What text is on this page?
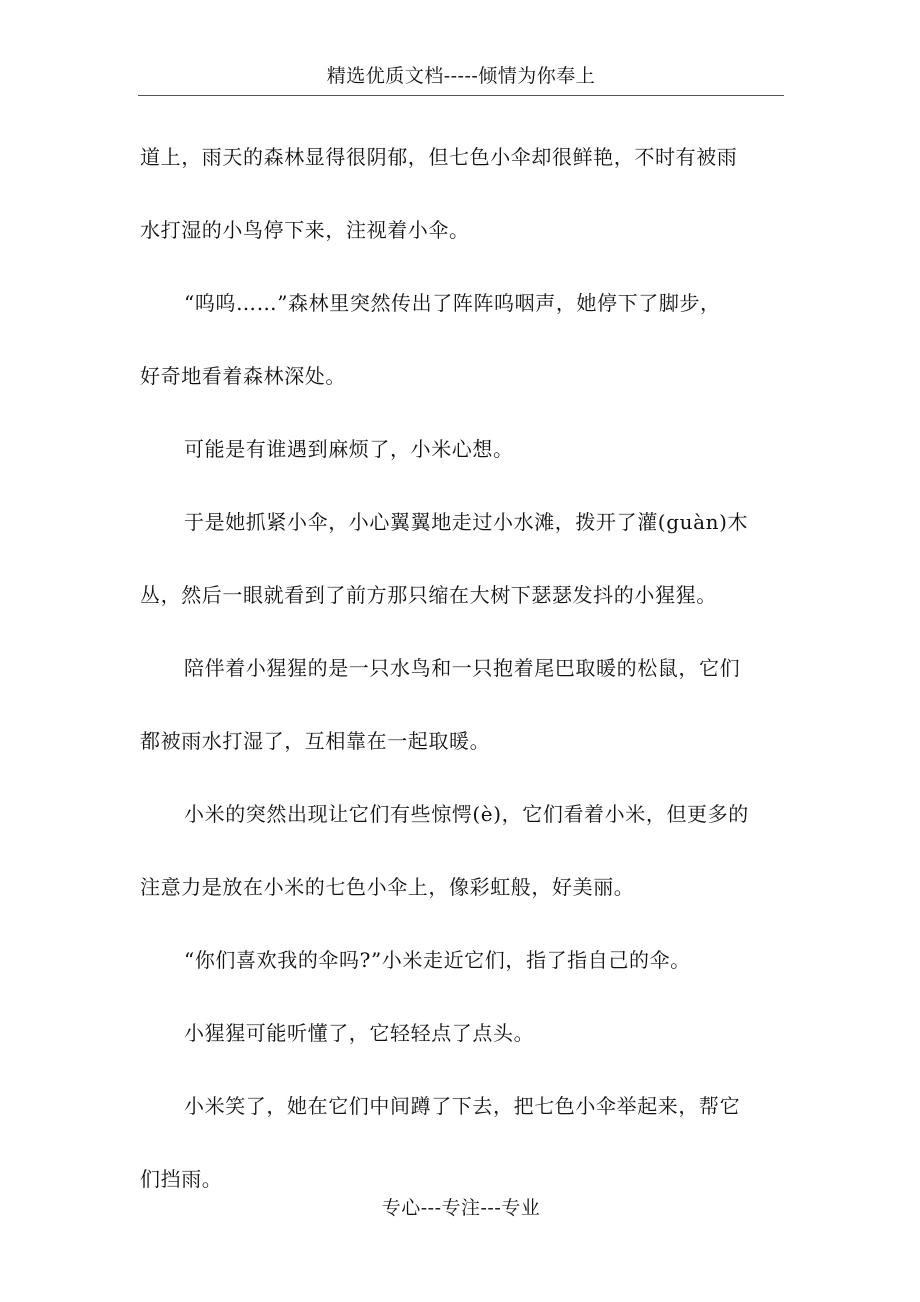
精选优质文档-----倾情为你奉上

道上，雨天的森林显得很阴郁，但七色小伞却很鲜艳，不时有被雨

水打湿的小鸟停下来，注视着小伞。

“呜呜……”森林里突然传出了阵阵呜咽声，她停下了脚步，

好奇地看着森林深处。

可能是有谁遇到麻烦了，小米心想。

于是她抓紧小伞，小心翼翼地走过小水滩，拨开了灌(guàn)木

丛，然后一眼就看到了前方那只缩在大树下瑟瑟发抖的小猩猩。

陪伴着小猩猩的是一只水鸟和一只抱着尾巴取暖的松鼠，它们

都被雨水打湿了，互相靠在一起取暖。

小米的突然出现让它们有些惊愕(è)，它们看着小米，但更多的

注意力是放在小米的七色小伞上，像彩虹般，好美丽。

“你们喜欢我的伞吗?”小米走近它们，指了指自己的伞。

小猩猩可能听懂了，它轻轻点了点头。

小米笑了，她在它们中间蹲了下去，把七色小伞举起来，帮它

们挡雨。

专心---专注---专业
